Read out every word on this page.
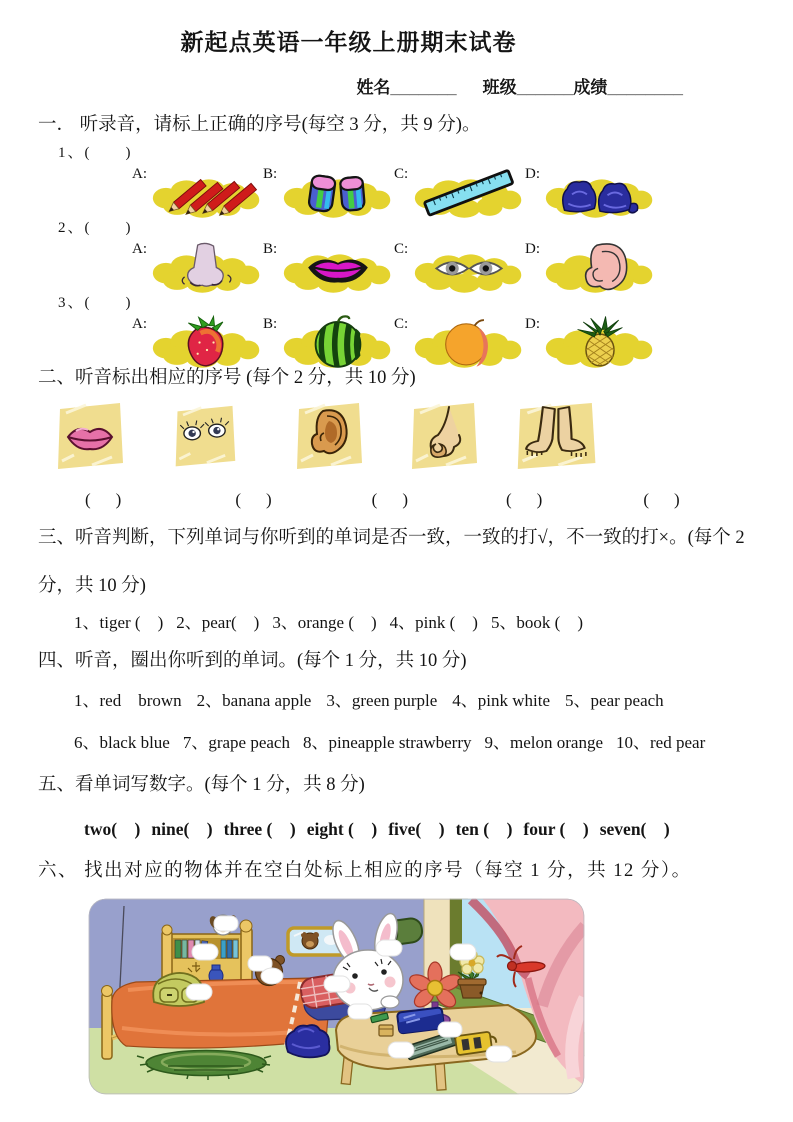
新起点英语一年级上册期末试卷
姓名_______ 班级______ 成绩________
一． 听录音，请标上正确的序号(每空 3 分，共 9 分)。
1、(　　)
A:	B:	C:	D:
2、(　　)
A:	B:	C:	D:
3、(　　)
A:	B:	C:	D:
二、听音标出相应的序号 (每个 2 分，共 10 分)
(　)	(　)	(　)	(　)	(　)
三、听音判断，下列单词与你听到的单词是否一致，一致的打√，不一致的打×。(每个 2 分，共 10 分)
1、tiger (　) 2、pear(　) 3、orange (　) 4、pink (　) 5、book (　)
四、听音，圈出你听到的单词。(每个 1 分，共 10 分)
1、red　brown 2、banana apple 3、green purple 4、pink white 5、pear peach
6、black blue 7、grape peach 8、pineapple strawberry 9、melon orange 10、red pear
五、看单词写数字。(每个 1 分，共 8 分)
two(　) nine(　) three (　) eight (　) five(　) ten (　) four (　) seven(　)
六、 找出对应的物体并在空白处标上相应的序号（每空 1 分，共 12 分）。
